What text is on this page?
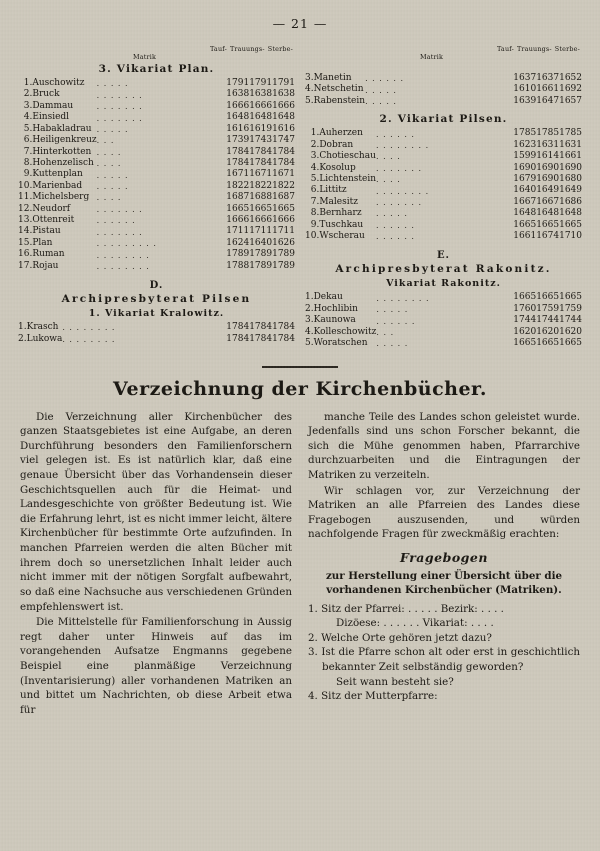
— 21 —
Tauf- Trauungs- Sterbe-
Matrik
3. Vikariat Plan.
1.	Auschowitz	. . . . .	1791	1791	1791
2.	Bruck	. . . . . . .	1638	1638	1638
3.	Dammau	. . . . . . .	1666	1666	1666
4.	Einsiedl	. . . . . . .	1648	1648	1648
5.	Habakladrau	. . . . .	1616	1619	1616
6.	Heiligenkreuz	. . .	1739	1743	1747
7.	Hinterkotten	. . . .	1784	1784	1784
8.	Hohenzelisch	. . . .	1784	1784	1784
9.	Kuttenplan	. . . . .	1671	1671	1671
10.	Marienbad	. . . . .	1822	1822	1822
11.	Michelsberg	. . . .	1687	1688	1687
12.	Neudorf	. . . . . . .	1665	1665	1665
13.	Ottenreit	. . . . . .	1666	1666	1666
14.	Pistau	. . . . . . .	1711	1711	1711
15.	Plan	. . . . . . . . .	1624	1640	1626
16.	Ruman	. . . . . . . .	1789	1789	1789
17.	Rojau	. . . . . . . .	1788	1789	1789
D.
Archipresbyterat Pilsen
1. Vikariat Kralowitz.
1.	Krasch	. . . . . . . .	1784	1784	1784
2.	Lukowa	. . . . . . . .	1784	1784	1784
Tauf- Trauungs- Sterbe-
Matrik
3.	Manetin	. . . . . .	1637	1637	1652
4.	Netschetin	. . . . .	1610	1661	1692
5.	Rabenstein	. . . . .	1639	1647	1657
2. Vikariat Pilsen.
1.	Auherzen	. . . . . .	1785	1785	1785
2.	Dobran	. . . . . . . .	1623	1631	1631
3.	Chotieschau	. . . .	1599	1614	1661
4.	Kosolup	. . . . . . .	1690	1690	1690
5.	Lichtenstein	. . . .	1679	1690	1680
6.	Littitz	. . . . . . . .	1640	1649	1649
7.	Malesitz	. . . . . . .	1667	1667	1686
8.	Bernharz	. . . . .	1648	1648	1648
9.	Tuschkau	. . . . . .	1665	1665	1665
10.	Wscherau	. . . . . .	1661	1674	1710
E.
Archipresbyterat Rakonitz.
Vikariat Rakonitz.
1.	Dekau	. . . . . . . .	1665	1665	1665
2.	Hochlibin	. . . . .	1760	1759	1759
3.	Kaunowa	. . . . . .	1744	1744	1744
4.	Kolleschowitz	. . .	1620	1620	1620
5.	Woratschen	. . . . .	1665	1665	1665
Verzeichnung der Kirchenbücher.

Die Verzeichnung aller Kirchenbücher des ganzen Staatsgebietes ist eine Aufgabe, an deren Durchführung besonders den Familienforschern viel gelegen ist. Es ist natürlich klar, daß eine genaue Übersicht über das Vorhandensein dieser Geschichtsquellen auch für die Heimat- und Landesgeschichte von größter Bedeutung ist. Wie die Erfahrung lehrt, ist es nicht immer leicht, ältere Kirchenbücher für bestimmte Orte aufzufinden. In manchen Pfarreien werden die alten Bücher mit ihrem doch so unersetzlichen Inhalt leider auch nicht immer mit der nötigen Sorgfalt aufbewahrt, so daß eine Nachsuche aus verschiedenen Gründen empfehlenswert ist.

Die Mittelstelle für Familienforschung in Aussig regt daher unter Hinweis auf das im vorangehenden Aufsatze Engmanns gegebene Beispiel eine planmäßige Verzeichnung (Inventarisierung) aller vorhandenen Matriken an und bittet um Nachrichten, ob diese Arbeit etwa für

manche Teile des Landes schon geleistet wurde. Jedenfalls sind uns schon Forscher bekannt, die sich die Mühe genommen haben, Pfarrarchive durchzuarbeiten und die Eintragungen der Matriken zu verzeiteln.

Wir schlagen vor, zur Verzeichnung der Matriken an alle Pfarreien des Landes diese Fragebogen auszusenden, und würden nachfolgende Fragen für zweckmäßig erachten:

Fragebogen
zur Herstellung einer Übersicht über die vorhandenen Kirchenbücher (Matriken).
1. Sitz der Pfarrei: . . . . . Bezirk: . . . .
Dizöese: . . . . . . Vikariat: . . . .
2. Welche Orte gehören jetzt dazu?
3. Ist die Pfarre schon alt oder erst in geschichtlich bekannter Zeit selbständig geworden?
Seit wann besteht sie?
4. Sitz der Mutterpfarre:
